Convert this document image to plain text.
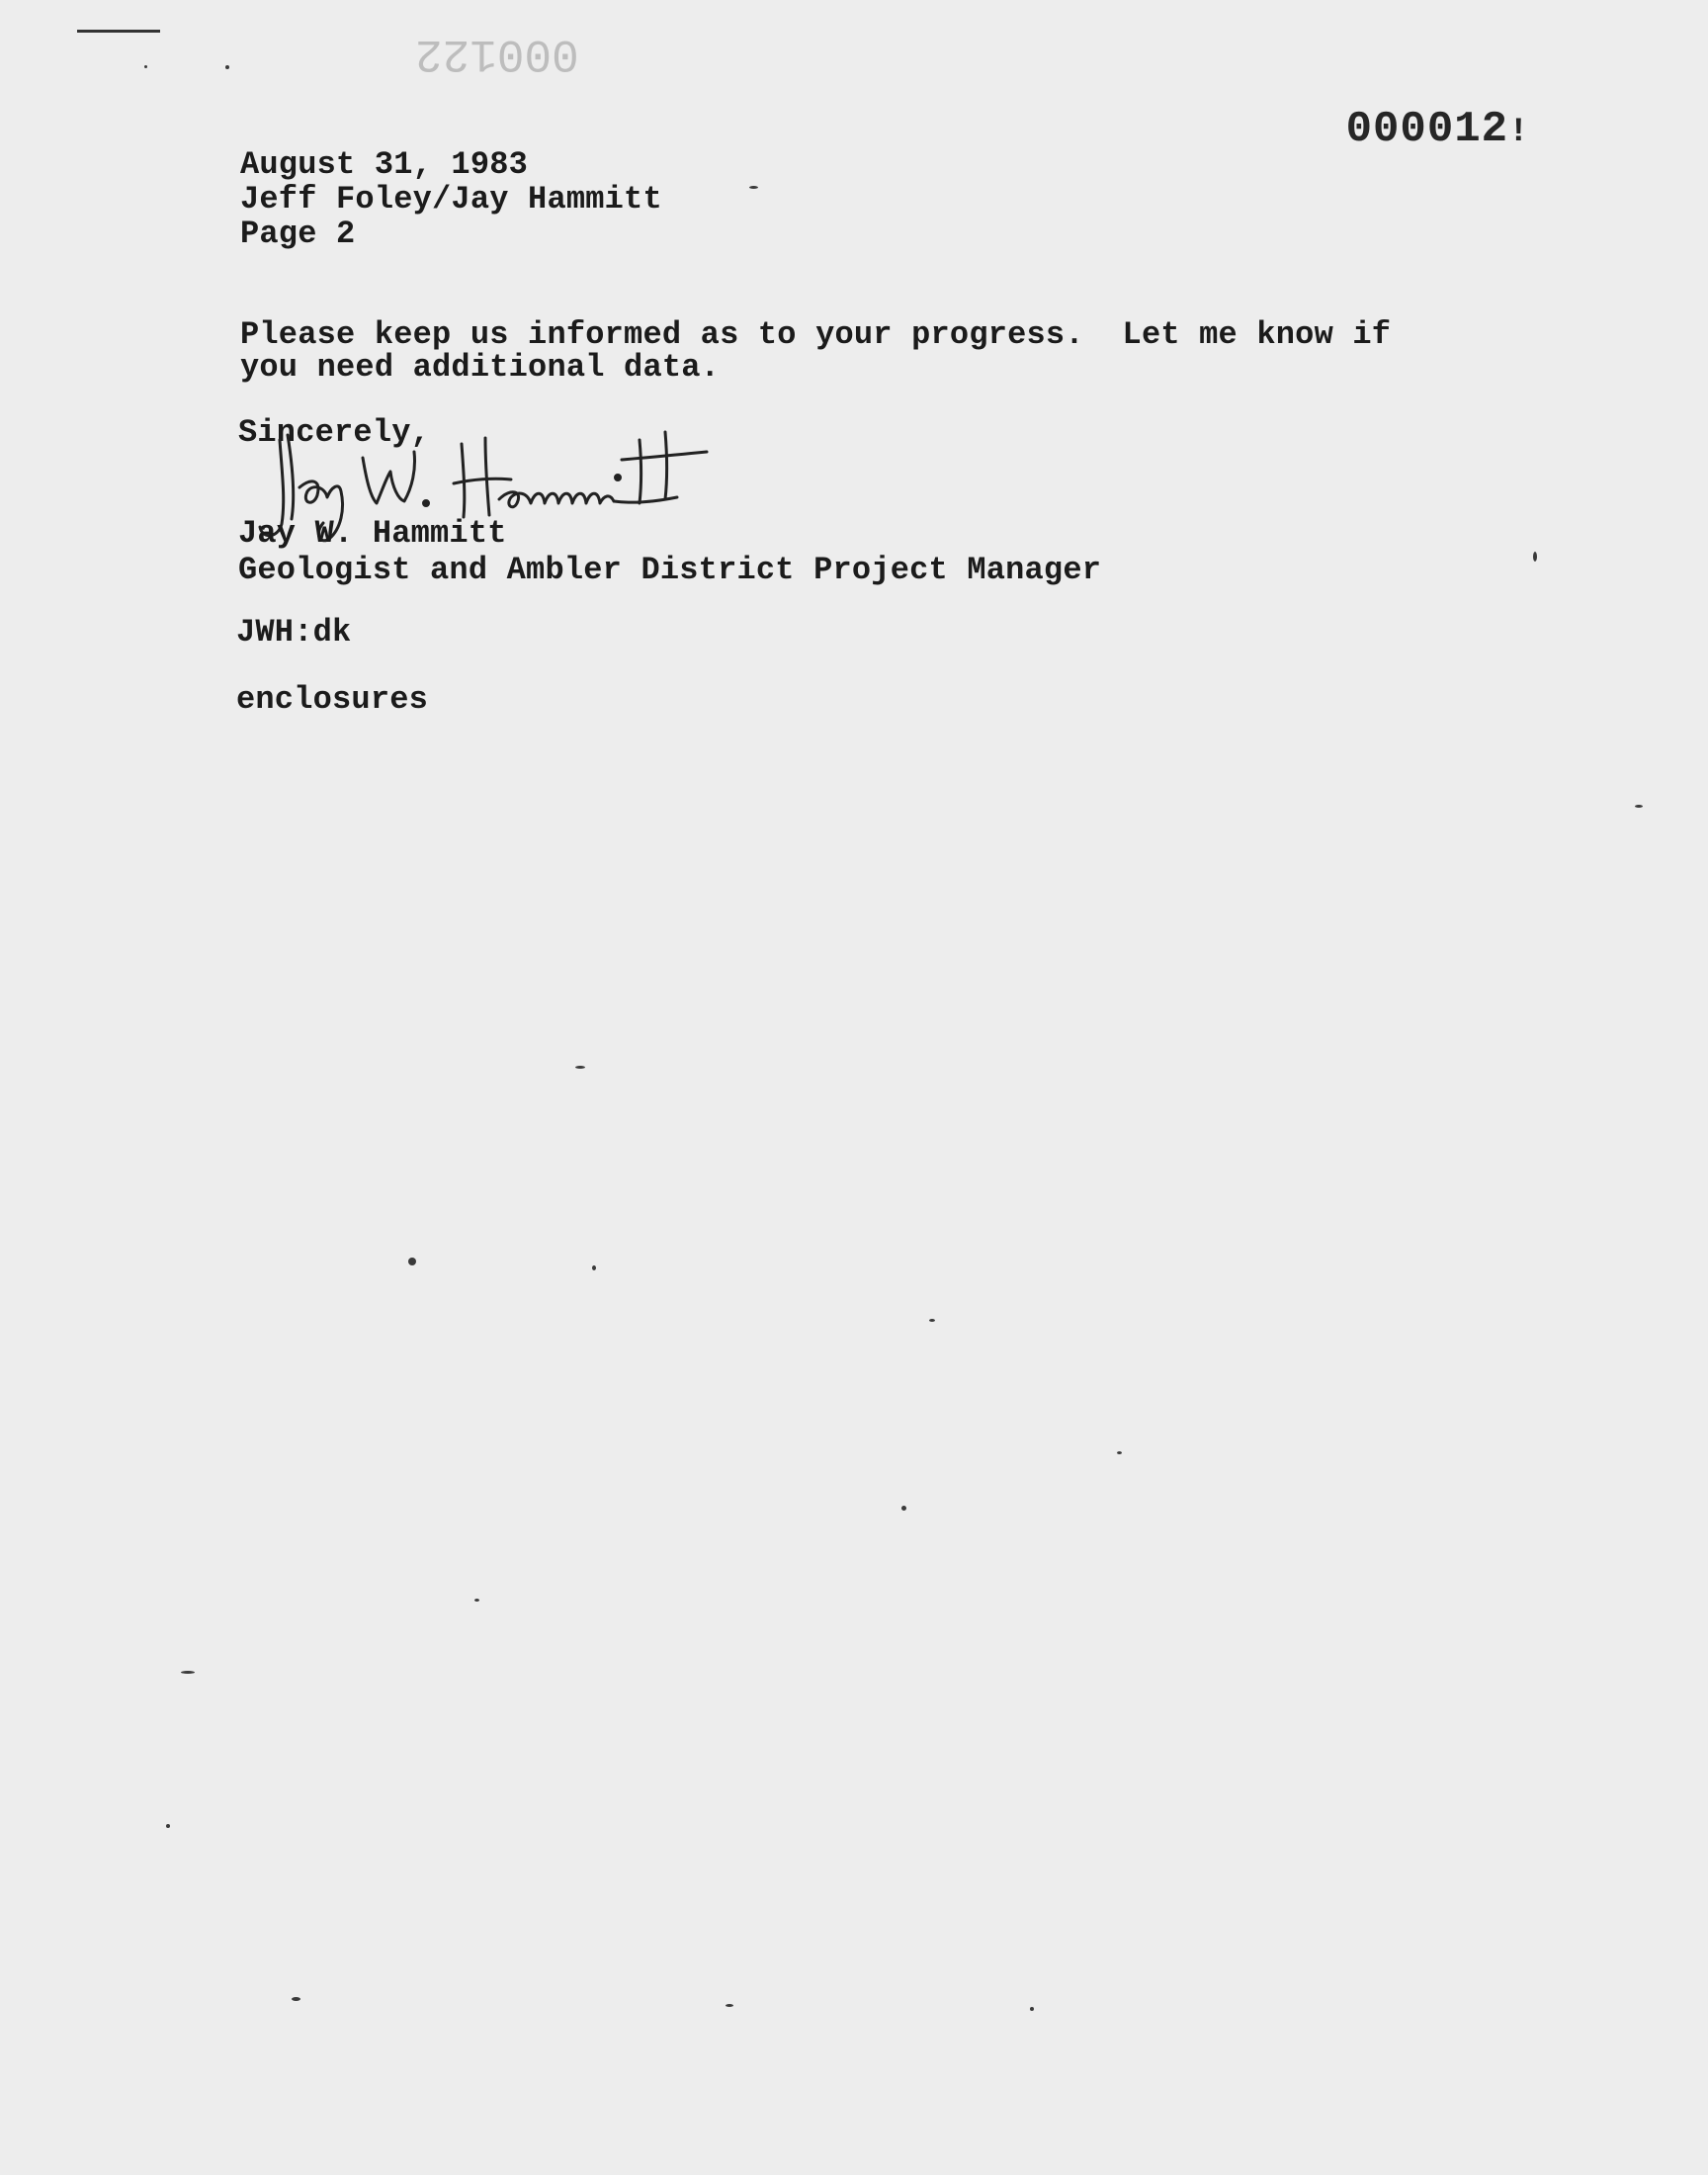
000122

000012!

August 31, 1983
Jeff Foley/Jay Hammitt
Page 2
Please keep us informed as to your progress.  Let me know if
you need additional data.
Sincerely,
Jay W. Hammitt
Geologist and Ambler District Project Manager
JWH:dk
enclosures
